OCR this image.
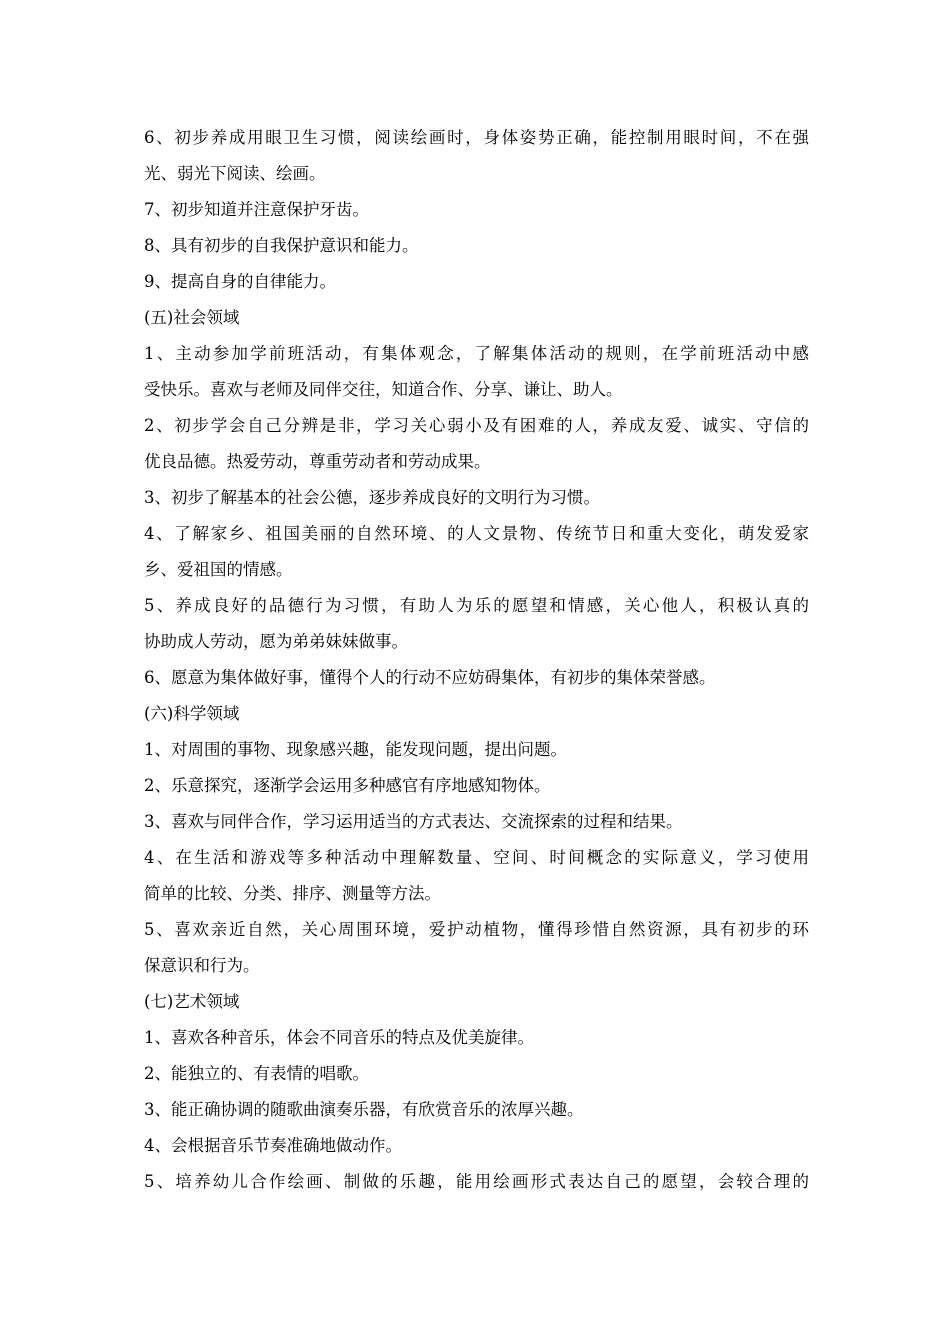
6、初步养成用眼卫生习惯，阅读绘画时，身体姿势正确，能控制用眼时间，不在强
光、弱光下阅读、绘画。
7、初步知道并注意保护牙齿。
8、具有初步的自我保护意识和能力。
9、提高自身的自律能力。
(五)社会领域
1、主动参加学前班活动，有集体观念，了解集体活动的规则，在学前班活动中感
受快乐。喜欢与老师及同伴交往，知道合作、分享、谦让、助人。
2、初步学会自己分辨是非，学习关心弱小及有困难的人，养成友爱、诚实、守信的
优良品德。热爱劳动，尊重劳动者和劳动成果。
3、初步了解基本的社会公德，逐步养成良好的文明行为习惯。
4、了解家乡、祖国美丽的自然环境、的人文景物、传统节日和重大变化，萌发爱家
乡、爱祖国的情感。
5、养成良好的品德行为习惯，有助人为乐的愿望和情感，关心他人，积极认真的
协助成人劳动，愿为弟弟妹妹做事。
6、愿意为集体做好事，懂得个人的行动不应妨碍集体，有初步的集体荣誉感。
(六)科学领域
1、对周围的事物、现象感兴趣，能发现问题，提出问题。
2、乐意探究，逐渐学会运用多种感官有序地感知物体。
3、喜欢与同伴合作，学习运用适当的方式表达、交流探索的过程和结果。
4、在生活和游戏等多种活动中理解数量、空间、时间概念的实际意义，学习使用
简单的比较、分类、排序、测量等方法。
5、喜欢亲近自然，关心周围环境，爱护动植物，懂得珍惜自然资源，具有初步的环
保意识和行为。
(七)艺术领域
1、喜欢各种音乐，体会不同音乐的特点及优美旋律。
2、能独立的、有表情的唱歌。
3、能正确协调的随歌曲演奏乐器，有欣赏音乐的浓厚兴趣。
4、会根据音乐节奏准确地做动作。
5、培养幼儿合作绘画、制做的乐趣，能用绘画形式表达自己的愿望，会较合理的
